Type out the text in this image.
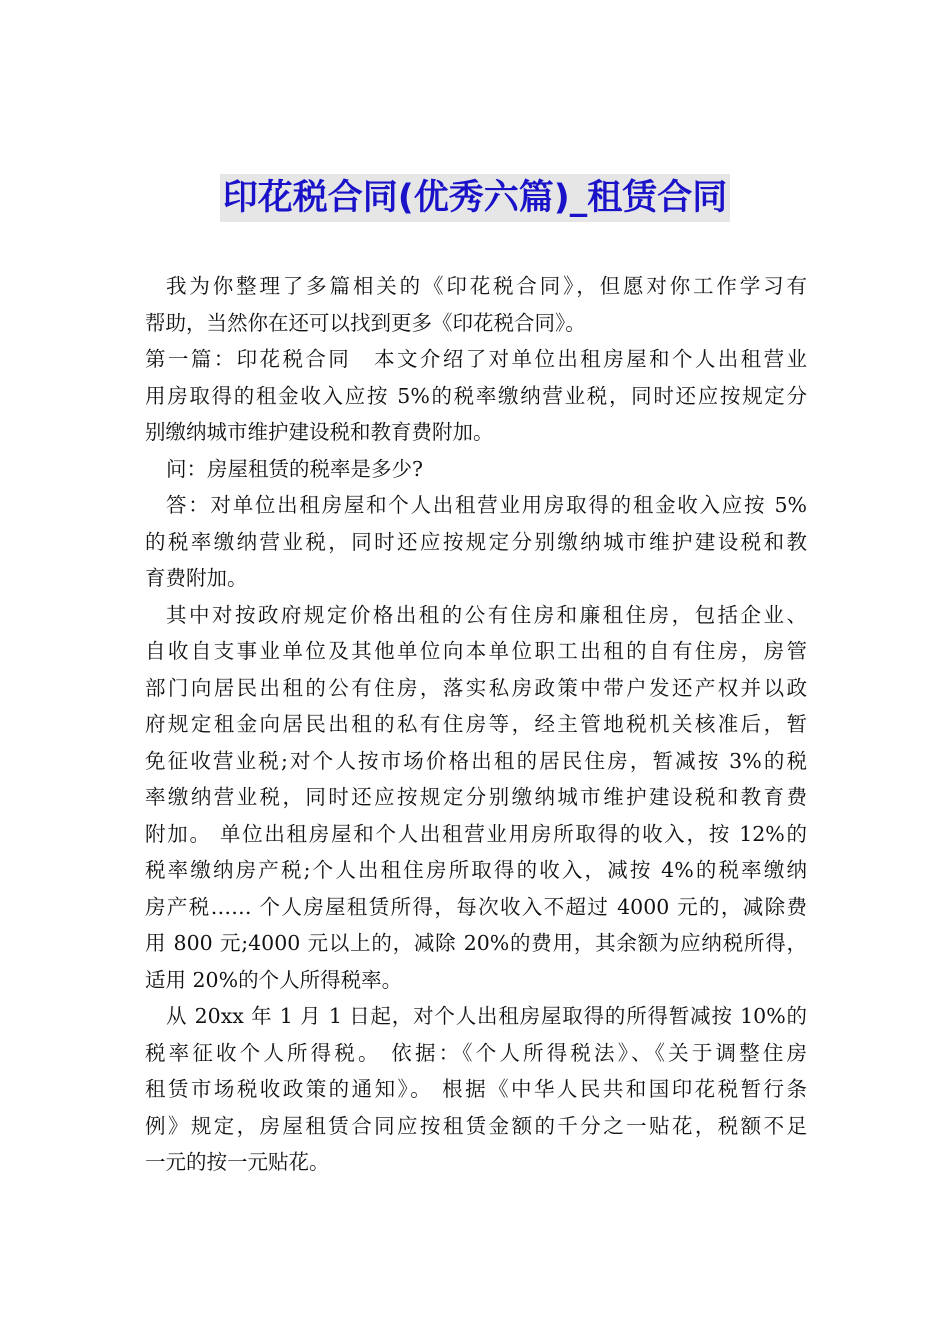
印花税合同(优秀六篇)_租赁合同
我为你整理了多篇相关的《印花税合同》，但愿对你工作学习有
帮助，当然你在还可以找到更多《印花税合同》。
第一篇：印花税合同　本文介绍了对单位出租房屋和个人出租营业
用房取得的租金收入应按 5%的税率缴纳营业税，同时还应按规定分
别缴纳城市维护建设税和教育费附加。
问：房屋租赁的税率是多少?
答：对单位出租房屋和个人出租营业用房取得的租金收入应按 5%
的税率缴纳营业税，同时还应按规定分别缴纳城市维护建设税和教
育费附加。
其中对按政府规定价格出租的公有住房和廉租住房，包括企业、
自收自支事业单位及其他单位向本单位职工出租的自有住房，房管
部门向居民出租的公有住房，落实私房政策中带户发还产权并以政
府规定租金向居民出租的私有住房等，经主管地税机关核准后，暂
免征收营业税;对个人按市场价格出租的居民住房，暂减按 3%的税
率缴纳营业税，同时还应按规定分别缴纳城市维护建设税和教育费
附加。 单位出租房屋和个人出租营业用房所取得的收入，按 12%的
税率缴纳房产税;个人出租住房所取得的收入，减按 4%的税率缴纳
房产税…… 个人房屋租赁所得，每次收入不超过 4000 元的，减除费
用 800 元;4000 元以上的，减除 20%的费用，其余额为应纳税所得，
适用 20%的个人所得税率。
从 20xx 年 1 月 1 日起，对个人出租房屋取得的所得暂减按 10%的
税率征收个人所得税。 依据：《个人所得税法》、《关于调整住房
租赁市场税收政策的通知》。 根据《中华人民共和国印花税暂行条
例》规定，房屋租赁合同应按租赁金额的千分之一贴花，税额不足
一元的按一元贴花。
